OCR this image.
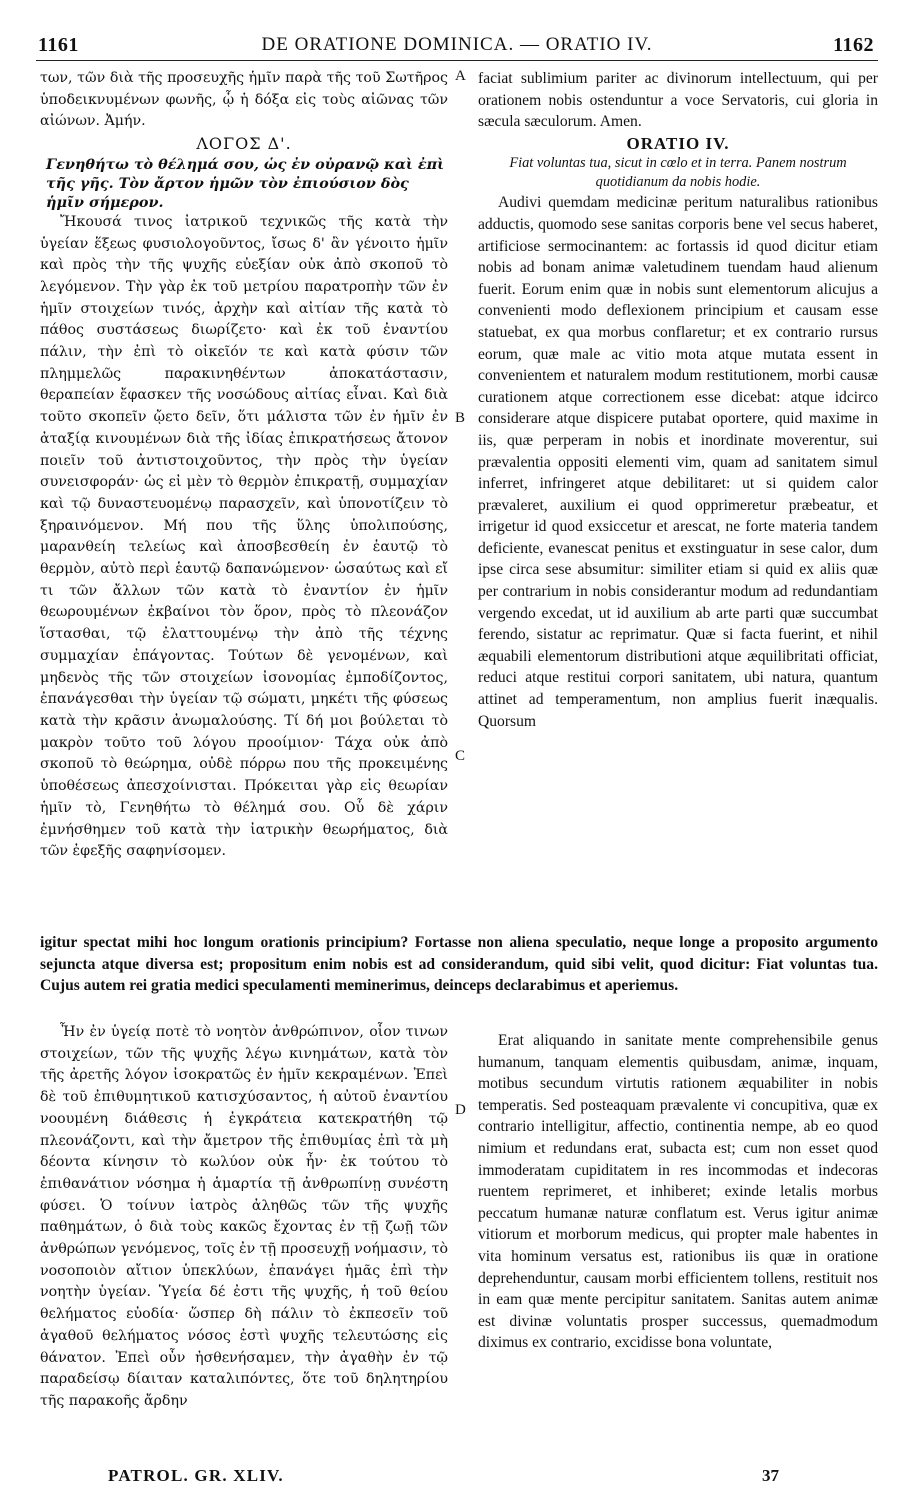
1161	DE ORATIONE DOMINICA. — ORATIO IV.	1162

των, τῶν διὰ τῆς προσευχῆς ἡμῖν παρὰ τῆς τοῦ Σωτῆρος ὑποδεικνυμένων φωνῆς, ᾧ ἡ δόξα εἰς τοὺς αἰῶνας τῶν αἰώνων. Ἀμήν.

ΛΟΓΟΣ Δ'.

Γενηθήτω τὸ θέλημά σου, ὡς ἐν οὐρανῷ καὶ ἐπὶ τῆς γῆς. Τὸν ἄρτον ἡμῶν τὸν ἐπιούσιον δὸς ἡμῖν σήμερον.

Ἤκουσά τινος ἰατρικοῦ τεχνικῶς τῆς κατὰ τὴν ὑγείαν ἕξεως φυσιολογοῦντος, ἴσως δ' ἂν γένοιτο ἡμῖν καὶ πρὸς τὴν τῆς ψυχῆς εὐεξίαν οὐκ ἀπὸ σκοποῦ τὸ λεγόμενον. Τὴν γὰρ ἐκ τοῦ μετρίου παρατροπὴν τῶν ἐν ἡμῖν στοιχείων τινός, ἀρχὴν καὶ αἰτίαν τῆς κατὰ τὸ πάθος συστάσεως διωρίζετο· καὶ ἐκ τοῦ ἐναντίου πάλιν, τὴν ἐπὶ τὸ οἰκεῖόν τε καὶ κατὰ φύσιν τῶν πλημμελῶς παρακινηθέντων ἀποκατάστασιν, θεραπείαν ἔφασκεν τῆς νοσώδους αἰτίας εἶναι. Καὶ διὰ τοῦτο σκοπεῖν ᾤετο δεῖν, ὅτι μάλιστα τῶν ἐν ἡμῖν ἐν ἀταξίᾳ κινουμένων διὰ τῆς ἰδίας ἐπικρατήσεως ἄτονον ποιεῖν τοῦ ἀντιστοιχοῦντος, τὴν πρὸς τὴν ὑγείαν συνεισφοράν· ὡς εἰ μὲν τὸ θερμὸν ἐπικρατῇ, συμμαχίαν καὶ τῷ δυναστευομένῳ παρασχεῖν, καὶ ὑπονοτίζειν τὸ ξηραινόμενον. Μή που τῆς ὕλης ὑπολιπούσης, μαρανθείη τελείως καὶ ἀποσβεσθείη ἐν ἑαυτῷ τὸ θερμὸν, αὐτὸ περὶ ἑαυτῷ δαπανώμενον· ὡσαύτως καὶ εἴ τι τῶν ἄλλων τῶν κατὰ τὸ ἐναντίον ἐν ἡμῖν θεωρουμένων ἐκβαίνοι τὸν ὅρον, πρὸς τὸ πλεονάζον ἵστασθαι, τῷ ἐλαττουμένῳ τὴν ἀπὸ τῆς τέχνης συμμαχίαν ἐπάγοντας. Τούτων δὲ γενομένων, καὶ μηδενὸς τῆς τῶν στοιχείων ἰσονομίας ἐμποδίζοντος, ἐπανάγεσθαι τὴν ὑγείαν τῷ σώματι, μηκέτι τῆς φύσεως κατὰ τὴν κρᾶσιν ἀνωμαλούσης. Τί δή μοι βούλεται τὸ μακρὸν τοῦτο τοῦ λόγου προοίμιον· Τάχα οὐκ ἀπὸ σκοποῦ τὸ θεώρημα, οὐδὲ πόρρω που τῆς προκειμένης ὑποθέσεως ἀπεσχοίνισται. Πρόκειται γὰρ εἰς θεωρίαν ἡμῖν τὸ, Γενηθήτω τὸ θέλημά σου. Οὗ δὲ χάριν ἐμνήσθημεν τοῦ κατὰ τὴν ἰατρικὴν θεωρήματος, διὰ τῶν ἐφεξῆς σαφηνίσομεν.

faciat sublimium pariter ac divinorum intellectuum, qui per orationem nobis ostenduntur a voce Servatoris, cui gloria in sæcula sæculorum. Amen.

ORATIO IV.

Fiat voluntas tua, sicut in cœlo et in terra. Panem nostrum quotidianum da nobis hodie.

Audivi quemdam medicinæ peritum naturalibus rationibus adductis, quomodo sese sanitas corporis bene vel secus haberet, artificiose sermocinantem: ac fortassis id quod dicitur etiam nobis ad bonam animæ valetudinem tuendam haud alienum fuerit. Eorum enim quæ in nobis sunt elementorum alicujus a convenienti modo deflexionem principium et causam esse statuebat, ex qua morbus conflaretur; et ex contrario rursus eorum, quæ male ac vitio mota atque mutata essent in convenientem et naturalem modum restitutionem, morbi causæ curationem atque correctionem esse dicebat: atque idcirco considerare atque dispicere putabat oportere, quid maxime in iis, quæ perperam in nobis et inordinate moverentur, sui prævalentia oppositi elementi vim, quam ad sanitatem simul inferret, infringeret atque debilitaret: ut si quidem calor prævaleret, auxilium ei quod opprimeretur præbeatur, et irrigetur id quod exsiccetur et arescat, ne forte materia tandem deficiente, evanescat penitus et exstinguatur in sese calor, dum ipse circa sese absumitur: similiter etiam si quid ex aliis quæ per contrarium in nobis considerantur modum ad redundantiam vergendo excedat, ut id auxilium ab arte parti quæ succumbat ferendo, sistatur ac reprimatur. Quæ si facta fuerint, et nihil æquabili elementorum distributioni atque æquilibritati officiat, reduci atque restitui corpori sanitatem, ubi natura, quantum attinet ad temperamentum, non amplius fuerit inæqualis. Quorsum

A
B
C
D
igitur spectat mihi hoc longum orationis principium? Fortasse non aliena speculatio, neque longe a proposito argumento sejuncta atque diversa est; propositum enim nobis est ad considerandum, quid sibi velit, quod dicitur: Fiat voluntas tua. Cujus autem rei gratia medici speculamenti meminerimus, deinceps declarabimus et aperiemus.

Ἦν ἐν ὑγείᾳ ποτὲ τὸ νοητὸν ἀνθρώπινον, οἷον τινων στοιχείων, τῶν τῆς ψυχῆς λέγω κινημάτων, κατὰ τὸν τῆς ἀρετῆς λόγον ἰσοκρατῶς ἐν ἡμῖν κεκραμένων. Ἐπεὶ δὲ τοῦ ἐπιθυμητικοῦ κατισχύσαντος, ἡ αὐτοῦ ἐναντίου νοουμένη διάθεσις ἡ ἐγκράτεια κατεκρατήθη τῷ πλεονάζοντι, καὶ τὴν ἄμετρον τῆς ἐπιθυμίας ἐπὶ τὰ μὴ δέοντα κίνησιν τὸ κωλύον οὐκ ἦν· ἐκ τούτου τὸ ἐπιθανάτιον νόσημα ἡ ἁμαρτία τῇ ἀνθρωπίνῃ συνέστη φύσει. Ὁ τοίνυν ἰατρὸς ἀληθῶς τῶν τῆς ψυχῆς παθημάτων, ὁ διὰ τοὺς κακῶς ἔχοντας ἐν τῇ ζωῇ τῶν ἀνθρώπων γενόμενος, τοῖς ἐν τῇ προσευχῇ νοήμασιν, τὸ νοσοποιὸν αἴτιον ὑπεκλύων, ἐπανάγει ἡμᾶς ἐπὶ τὴν νοητὴν ὑγείαν. Ὑγεία δέ ἐστι τῆς ψυχῆς, ἡ τοῦ θείου θελήματος εὐοδία· ὥσπερ δὴ πάλιν τὸ ἐκπεσεῖν τοῦ ἀγαθοῦ θελήματος νόσος ἐστὶ ψυχῆς τελευτώσης εἰς θάνατον. Ἐπεὶ οὖν ἠσθενήσαμεν, τὴν ἀγαθὴν ἐν τῷ παραδείσῳ δίαιταν καταλιπόντες, ὅτε τοῦ δηλητηρίου τῆς παρακοῆς ἄρδην

Erat aliquando in sanitate mente comprehensibile genus humanum, tanquam elementis quibusdam, animæ, inquam, motibus secundum virtutis rationem æquabiliter in nobis temperatis. Sed posteaquam prævalente vi concupitiva, quæ ex contrario intelligitur, affectio, continentia nempe, ab eo quod nimium et redundans erat, subacta est; cum non esset quod immoderatam cupiditatem in res incommodas et indecoras ruentem reprimeret, et inhiberet; exinde letalis morbus peccatum humanæ naturæ conflatum est. Verus igitur animæ vitiorum et morborum medicus, qui propter male habentes in vita hominum versatus est, rationibus iis quæ in oratione deprehenduntur, causam morbi efficientem tollens, restituit nos in eam quæ mente percipitur sanitatem. Sanitas autem animæ est divinæ voluntatis prosper successus, quemadmodum diximus ex contrario, excidisse bona voluntate,

PATROL. GR. XLIV.	37
